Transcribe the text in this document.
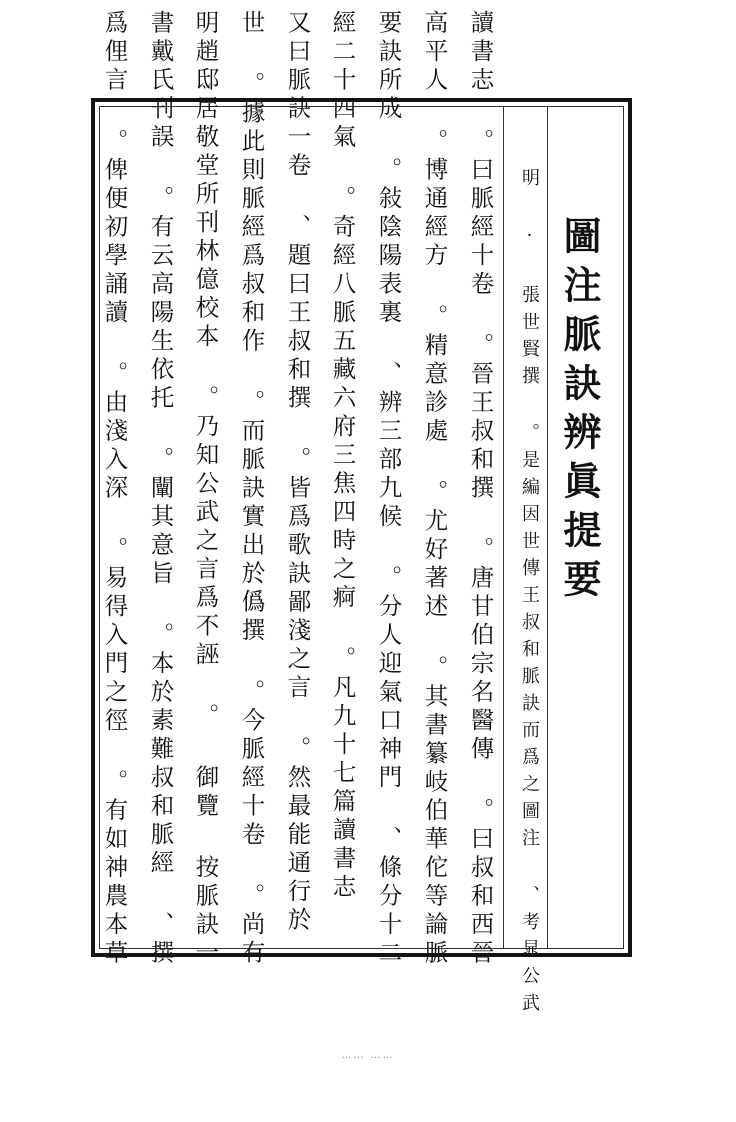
圖注脈訣辨眞提要
明 · 張世賢撰 。是編因世傳王叔和脈訣而爲之圖注 、考晁公武
讀書志 。曰脈經十卷 。晉王叔和撰 。唐甘伯宗名醫傳 。曰叔和西晉
高平人 。博通經方 。精意診處 。尤好著述 。其書纂岐伯華佗等論脈
要訣所成 。敍陰陽表裏 、辨三部九候 。分人迎氣口神門 、條分十二
經二十四氣 。奇經八脈五藏六府三焦四時之痾 。凡九十七篇讀書志
又曰脈訣一卷 、題曰王叔和撰 。皆爲歌訣鄙淺之言 。然最能通行於
世 。據此則脈經爲叔和作 。而脈訣實出於僞撰 。今脈經十卷 。尚有
明趙邸居敬堂所刊林億校本 。乃知公武之言爲不誣 。 御覽 按脈訣一
書戴氏刊誤 。有云高陽生依托 。闡其意旨 。本於素難叔和脈經 、撰
爲俚言 。俾便初學誦讀 。由淺入深 。易得入門之徑 。有如神農本草
…… ……
